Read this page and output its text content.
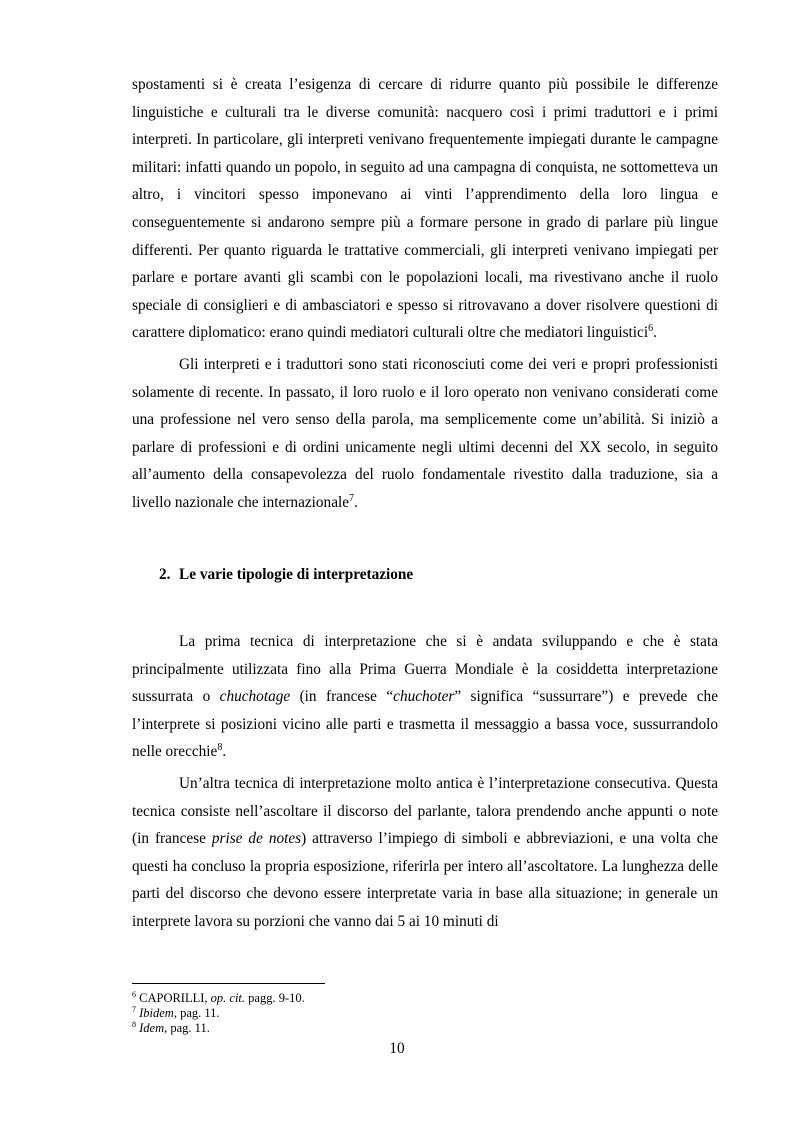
spostamenti si è creata l’esigenza di cercare di ridurre quanto più possibile le differenze linguistiche e culturali tra le diverse comunità: nacquero così i primi traduttori e i primi interpreti. In particolare, gli interpreti venivano frequentemente impiegati durante le campagne militari: infatti quando un popolo, in seguito ad una campagna di conquista, ne sottometteva un altro, i vincitori spesso imponevano ai vinti l’apprendimento della loro lingua e conseguentemente si andarono sempre più a formare persone in grado di parlare più lingue differenti. Per quanto riguarda le trattative commerciali, gli interpreti venivano impiegati per parlare e portare avanti gli scambi con le popolazioni locali, ma rivestivano anche il ruolo speciale di consiglieri e di ambasciatori e spesso si ritrovavano a dover risolvere questioni di carattere diplomatico: erano quindi mediatori culturali oltre che mediatori linguistici$^6$.

Gli interpreti e i traduttori sono stati riconosciuti come dei veri e propri professionisti solamente di recente. In passato, il loro ruolo e il loro operato non venivano considerati come una professione nel vero senso della parola, ma semplicemente come un’abilità. Si iniziò a parlare di professioni e di ordini unicamente negli ultimi decenni del XX secolo, in seguito all’aumento della consapevolezza del ruolo fondamentale rivestito dalla traduzione, sia a livello nazionale che internazionale$^7$.

2. Le varie tipologie di interpretazione

La prima tecnica di interpretazione che si è andata sviluppando e che è stata principalmente utilizzata fino alla Prima Guerra Mondiale è la cosiddetta interpretazione sussurrata o chuchotage (in francese “chuchoter” significa “sussurrare”) e prevede che l’interprete si posizioni vicino alle parti e trasmetta il messaggio a bassa voce, sussurrandolo nelle orecchie$^8$.

Un’altra tecnica di interpretazione molto antica è l’interpretazione consecutiva. Questa tecnica consiste nell’ascoltare il discorso del parlante, talora prendendo anche appunti o note (in francese prise de notes) attraverso l’impiego di simboli e abbreviazioni, e una volta che questi ha concluso la propria esposizione, riferirla per intero all’ascoltatore. La lunghezza delle parti del discorso che devono essere interpretate varia in base alla situazione; in generale un interprete lavora su porzioni che vanno dai 5 ai 10 minuti di

$^6$ CAPORILLI, op. cit. pagg. 9-10.

$^7$ Ibidem, pag. 11.

$^8$ Idem, pag. 11.

10
